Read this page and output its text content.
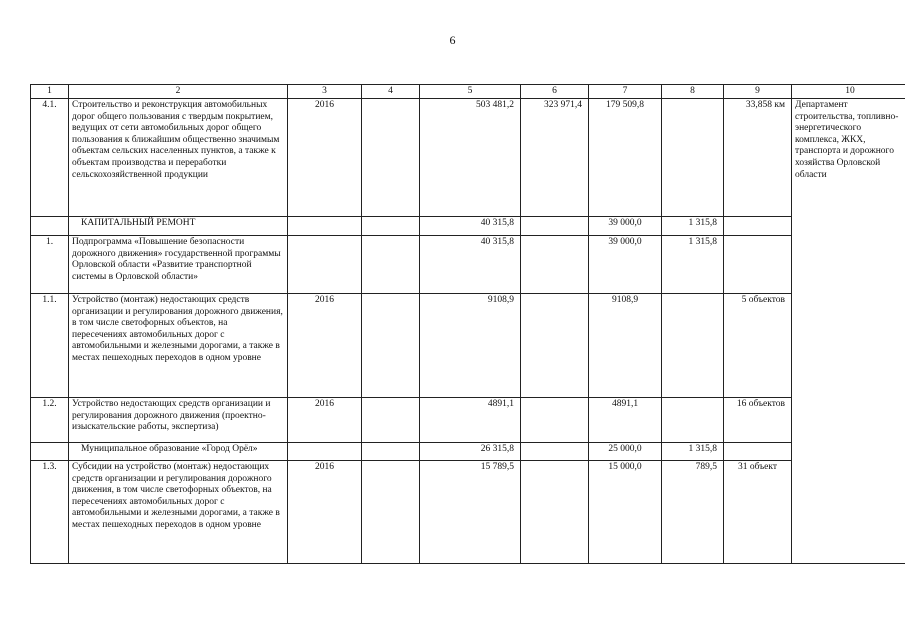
6
1	2	3	4	5	6	7	8	9	10
4.1.	Строительство и реконструкция автомобильных дорог общего пользования с твердым покрытием, ведущих от сети автомобильных дорог общего пользования к ближайшим общественно значимым объектам сельских населенных пунктов, а также к объектам производства и переработки сельскохозяйственной продукции	2016		503 481,2	323 971,4	179 509,8		33,858 км	Департамент строительства, топливно-энергетического комплекса, ЖКХ, транспорта и дорожного хозяйства Орловской области
	КАПИТАЛЬНЫЙ РЕМОНТ			40 315,8		39 000,0	1 315,8		
1.	Подпрограмма «Повышение безопасности дорожного движения» государственной программы Орловской области «Развитие транспортной системы в Орловской области»			40 315,8		39 000,0	1 315,8		
1.1.	Устройство (монтаж) недостающих средств организации и регулирования дорожного движения, в том числе светофорных объектов, на пересечениях автомобильных дорог с автомобильными и железными дорогами, а также в местах пешеходных переходов в одном уровне	2016		9108,9		9108,9		5 объектов	
1.2.	Устройство недостающих средств организации и регулирования дорожного движения (проектно-изыскательские работы, экспертиза)	2016		4891,1		4891,1		16 объектов	
	Муниципальное образование «Город Орёл»			26 315,8		25 000,0	1 315,8		
1.3.	Субсидии на устройство (монтаж) недостающих средств организации и регулирования дорожного движения, в том числе светофорных объектов, на пересечениях автомобильных дорог с автомобильными и железными дорогами, а также в местах пешеходных переходов в одном уровне	2016		15 789,5		15 000,0	789,5	31 объект	
